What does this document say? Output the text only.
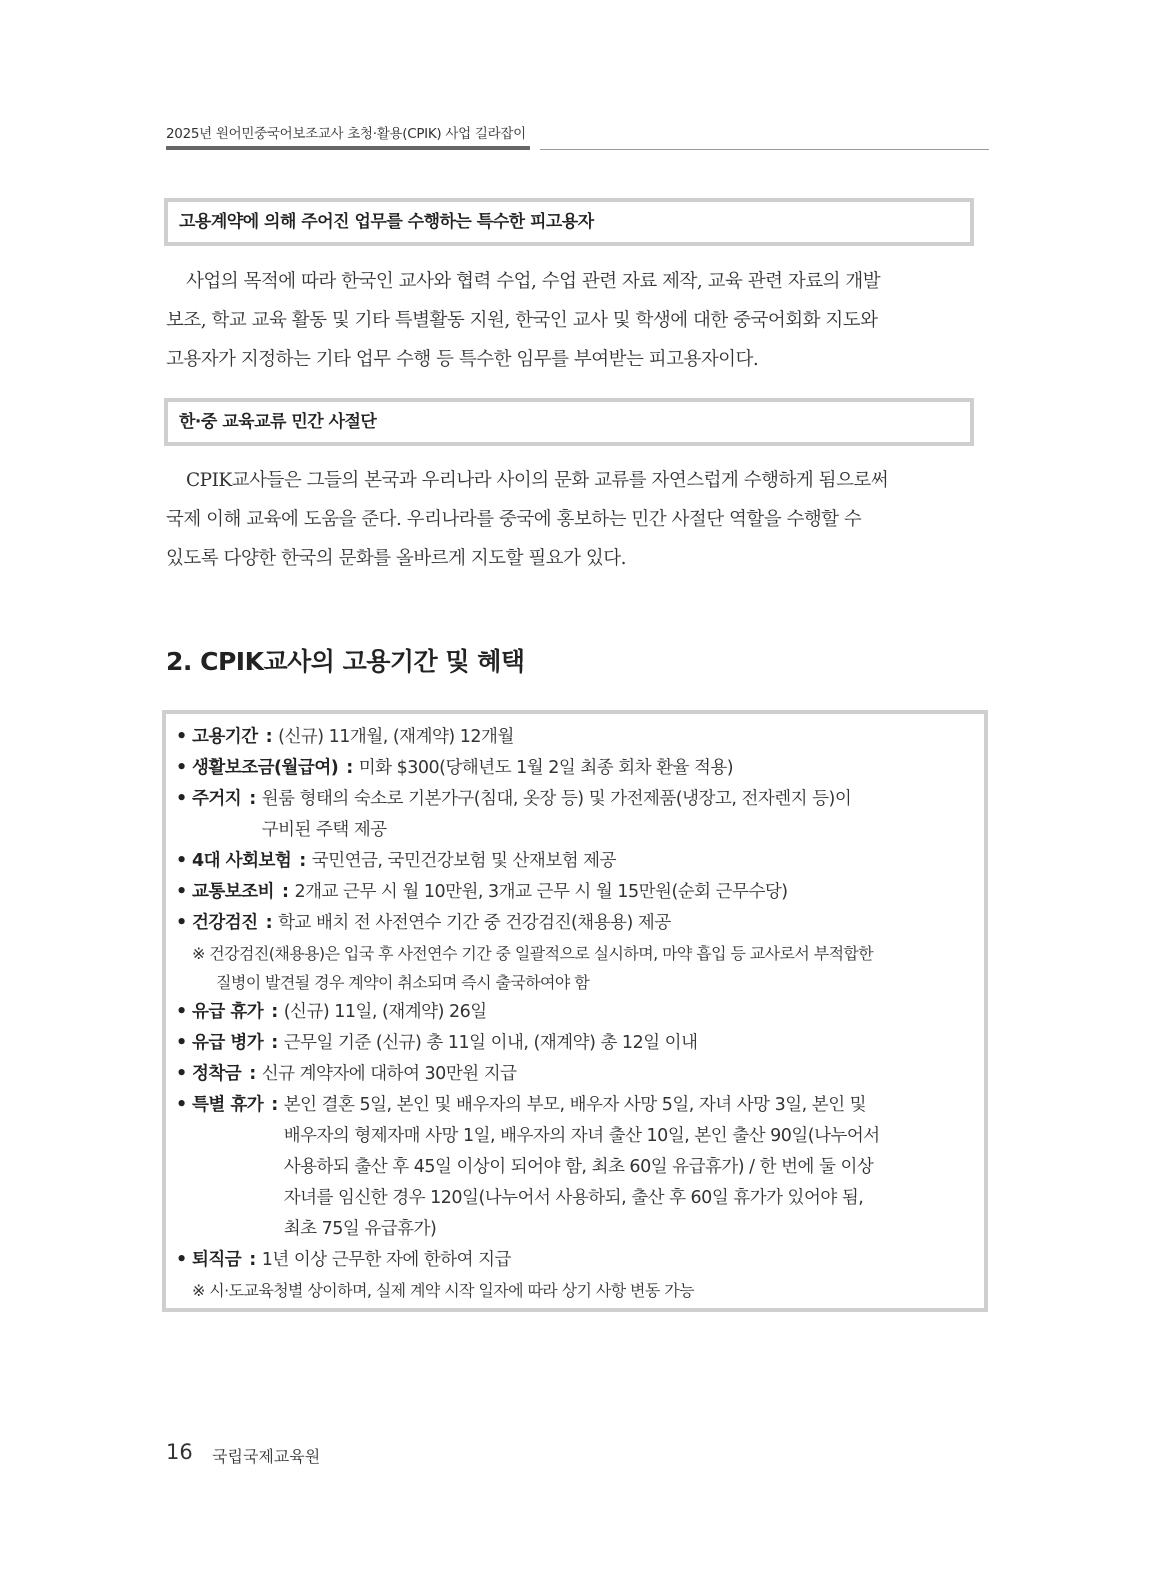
2025년 원어민중국어보조교사 초청·활용(CPIK) 사업 길라잡이
고용계약에 의해 주어진 업무를 수행하는 특수한 피고용자

사업의 목적에 따라 한국인 교사와 협력 수업, 수업 관련 자료 제작, 교육 관련 자료의 개발
보조, 학교 교육 활동 및 기타 특별활동 지원, 한국인 교사 및 학생에 대한 중국어회화 지도와
고용자가 지정하는 기타 업무 수행 등 특수한 임무를 부여받는 피고용자이다.

한·중 교육교류 민간 사절단

CPIK교사들은 그들의 본국과 우리나라 사이의 문화 교류를 자연스럽게 수행하게 됨으로써
국제 이해 교육에 도움을 준다. 우리나라를 중국에 홍보하는 민간 사절단 역할을 수행할 수
있도록 다양한 한국의 문화를 올바르게 지도할 필요가 있다.

2. CPIK교사의 고용기간 및 혜택
• 고용기간 : (신규) 11개월, (재계약) 12개월
• 생활보조금(월급여) : 미화 $300(당해년도 1월 2일 최종 회차 환율 적용)
• 주거지 : 원룸 형태의 숙소로 기본가구(침대, 옷장 등) 및 가전제품(냉장고, 전자렌지 등)이
구비된 주택 제공
• 4대 사회보험 : 국민연금, 국민건강보험 및 산재보험 제공
• 교통보조비 : 2개교 근무 시 월 10만원, 3개교 근무 시 월 15만원(순회 근무수당)
• 건강검진 : 학교 배치 전 사전연수 기간 중 건강검진(채용용) 제공
※ 건강검진(채용용)은 입국 후 사전연수 기간 중 일괄적으로 실시하며, 마약 흡입 등 교사로서 부적합한
질병이 발견될 경우 계약이 취소되며 즉시 출국하여야 함
• 유급 휴가 : (신규) 11일, (재계약) 26일
• 유급 병가 : 근무일 기준 (신규) 총 11일 이내, (재계약) 총 12일 이내
• 정착금 : 신규 계약자에 대하여 30만원 지급
• 특별 휴가 : 본인 결혼 5일, 본인 및 배우자의 부모, 배우자 사망 5일, 자녀 사망 3일, 본인 및
배우자의 형제자매 사망 1일, 배우자의 자녀 출산 10일, 본인 출산 90일(나누어서
사용하되 출산 후 45일 이상이 되어야 함, 최초 60일 유급휴가) / 한 번에 둘 이상
자녀를 임신한 경우 120일(나누어서 사용하되, 출산 후 60일 휴가가 있어야 됨,
최초 75일 유급휴가)
• 퇴직금 : 1년 이상 근무한 자에 한하여 지급
※ 시·도교육청별 상이하며, 실제 계약 시작 일자에 따라 상기 사항 변동 가능
16 국립국제교육원
